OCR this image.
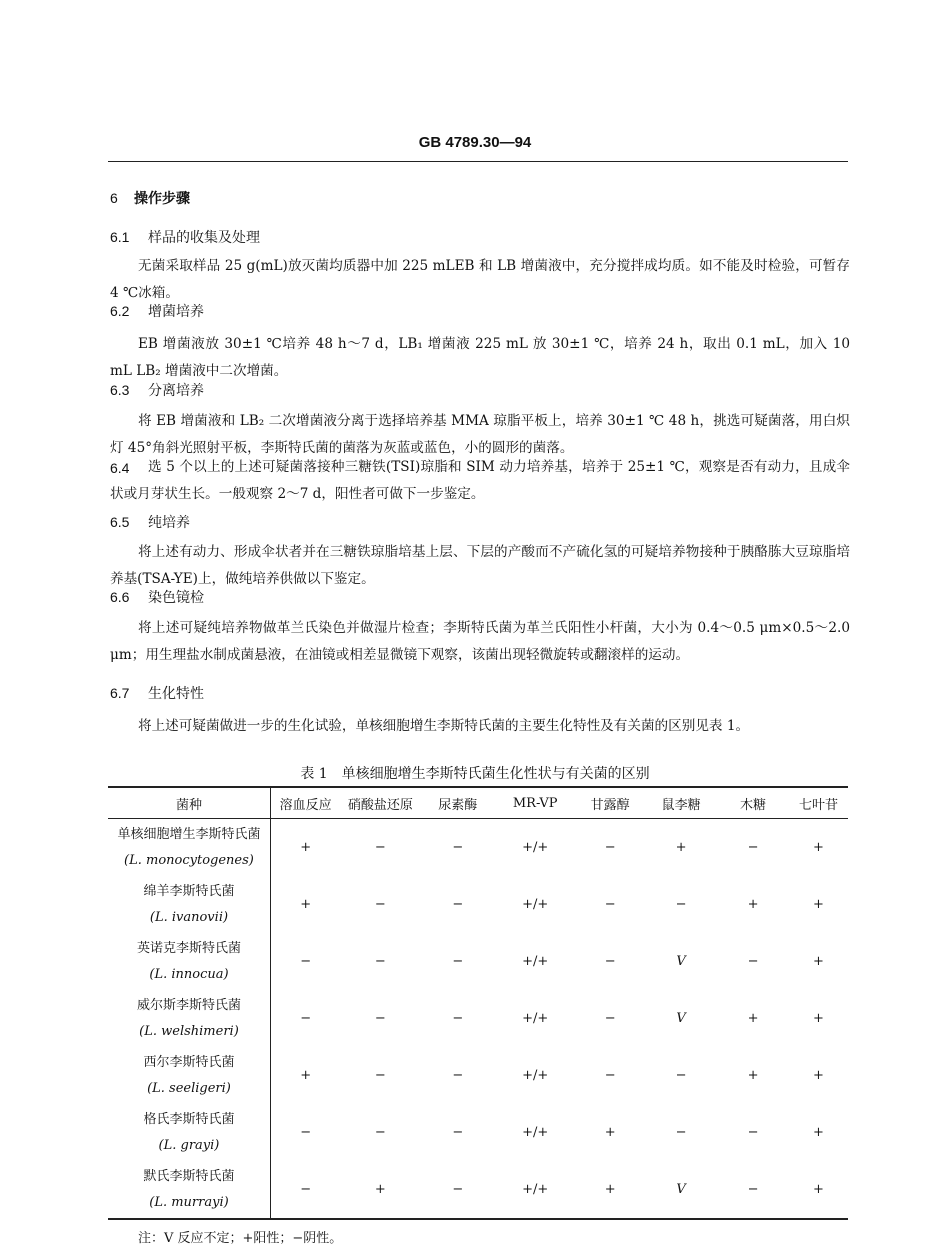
GB 4789.30—94
6 操作步骤
6.1 样品的收集及处理
无菌采取样品 25 g(mL)放灭菌均质器中加 225 mLEB 和 LB 增菌液中，充分搅拌成均质。如不能及时检验，可暂存 4 ℃冰箱。
6.2 增菌培养
EB 增菌液放 30±1 ℃培养 48 h～7 d，LB₁ 增菌液 225 mL 放 30±1 ℃，培养 24 h，取出 0.1 mL，加入 10 mL LB₂ 增菌液中二次增菌。
6.3 分离培养
将 EB 增菌液和 LB₂ 二次增菌液分离于选择培养基 MMA 琼脂平板上，培养 30±1 ℃ 48 h，挑选可疑菌落，用白炽灯 45°角斜光照射平板，李斯特氏菌的菌落为灰蓝或蓝色，小的圆形的菌落。
6.4	选 5 个以上的上述可疑菌落接种三糖铁(TSI)琼脂和 SIM 动力培养基，培养于 25±1 ℃，观察是否有动力，且成伞状或月芽状生长。一般观察 2～7 d，阳性者可做下一步鉴定。
6.5 纯培养
将上述有动力、形成伞状者并在三糖铁琼脂培基上层、下层的产酸而不产硫化氢的可疑培养物接种于胰酪胨大豆琼脂培养基(TSA-YE)上，做纯培养供做以下鉴定。
6.6 染色镜检
将上述可疑纯培养物做革兰氏染色并做湿片检查；李斯特氏菌为革兰氏阳性小杆菌，大小为 0.4～0.5 μm×0.5～2.0 μm；用生理盐水制成菌悬液，在油镜或相差显微镜下观察，该菌出现轻微旋转或翻滚样的运动。
6.7 生化特性
将上述可疑菌做进一步的生化试验，单核细胞增生李斯特氏菌的主要生化特性及有关菌的区别见表 1。
表 1　单核细胞增生李斯特氏菌生化性状与有关菌的区别
菌种	溶血反应	硝酸盐还原	尿素酶	MR-VP	甘露醇	鼠李糖	木糖	七叶苷

单核细胞增生李斯特氏菌
(L. monocytogenes)	+	−	−	+/+	−	+	−	+

绵羊李斯特氏菌
(L. ivanovii)	+	−	−	+/+	−	−	+	+

英诺克李斯特氏菌
(L. innocua)	−	−	−	+/+	−	V	−	+

威尔斯李斯特氏菌
(L. welshimeri)	−	−	−	+/+	−	V	+	+

西尔李斯特氏菌
(L. seeligeri)	+	−	−	+/+	−	−	+	+

格氏李斯特氏菌
(L. grayi)	−	−	−	+/+	+	−	−	+

默氏李斯特氏菌
(L. murrayi)	−	+	−	+/+	+	V	−	+
注：V 反应不定；+阳性；−阴性。
